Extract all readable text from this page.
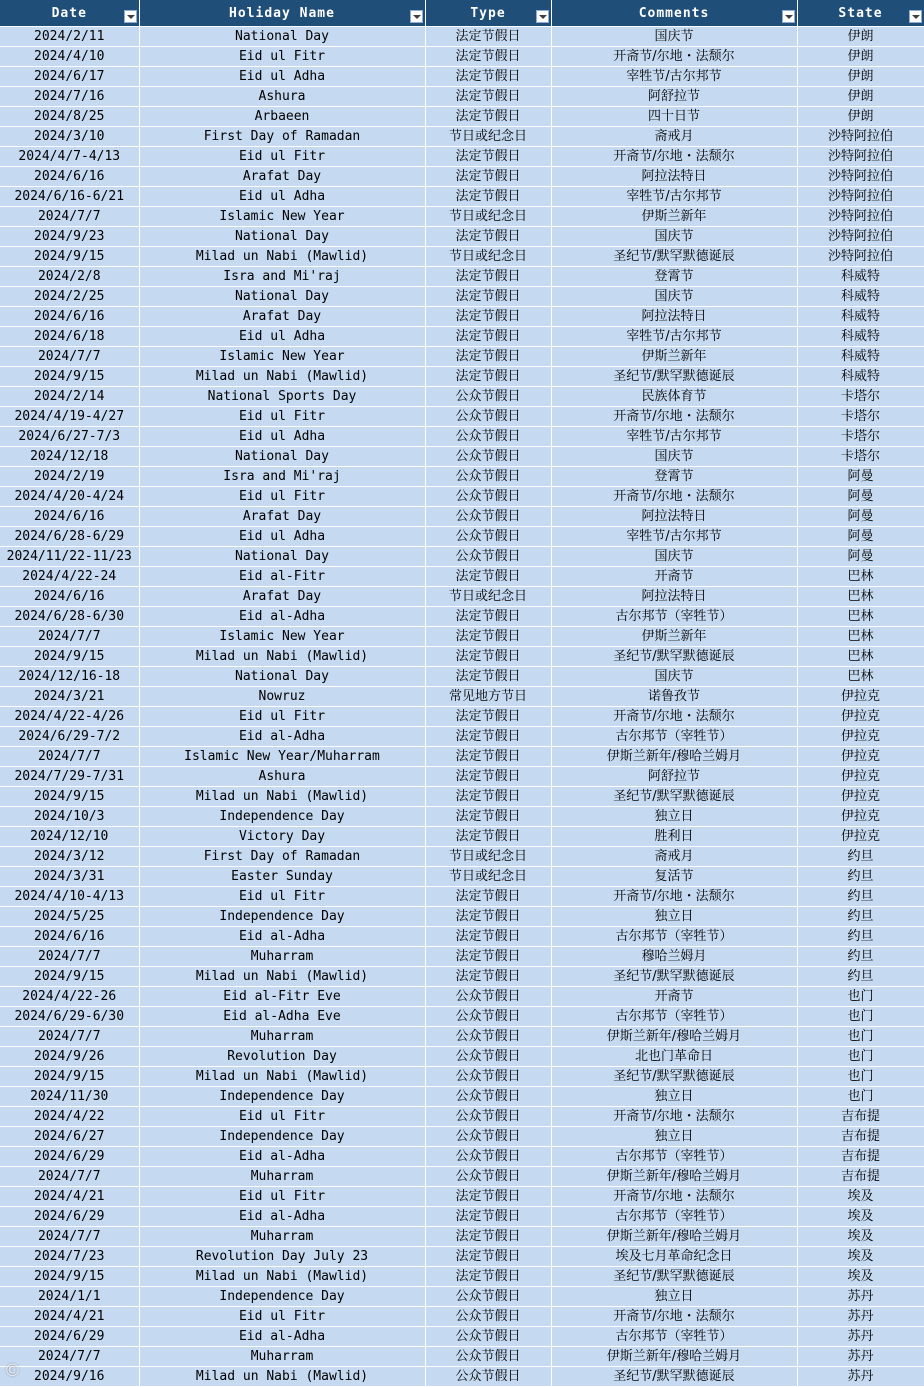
Date	Holiday Name	Type	Comments	State

2024/2/11	National Day	法定节假日	国庆节	伊朗
2024/4/10	Eid ul Fitr	法定节假日	开斋节/尔地・法颓尔	伊朗
2024/6/17	Eid ul Adha	法定节假日	宰牲节/古尔邦节	伊朗
2024/7/16	Ashura	法定节假日	阿舒拉节	伊朗
2024/8/25	Arbaeen	法定节假日	四十日节	伊朗
2024/3/10	First Day of Ramadan	节日或纪念日	斋戒月	沙特阿拉伯
2024/4/7-4/13	Eid ul Fitr	法定节假日	开斋节/尔地・法颓尔	沙特阿拉伯
2024/6/16	Arafat Day	法定节假日	阿拉法特日	沙特阿拉伯
2024/6/16-6/21	Eid ul Adha	法定节假日	宰牲节/古尔邦节	沙特阿拉伯
2024/7/7	Islamic New Year	节日或纪念日	伊斯兰新年	沙特阿拉伯
2024/9/23	National Day	法定节假日	国庆节	沙特阿拉伯
2024/9/15	Milad un Nabi (Mawlid)	节日或纪念日	圣纪节/默罕默德诞辰	沙特阿拉伯
2024/2/8	Isra and Mi'raj	法定节假日	登霄节	科威特
2024/2/25	National Day	法定节假日	国庆节	科威特
2024/6/16	Arafat Day	法定节假日	阿拉法特日	科威特
2024/6/18	Eid ul Adha	法定节假日	宰牲节/古尔邦节	科威特
2024/7/7	Islamic New Year	法定节假日	伊斯兰新年	科威特
2024/9/15	Milad un Nabi (Mawlid)	法定节假日	圣纪节/默罕默德诞辰	科威特
2024/2/14	National Sports Day	公众节假日	民族体育节	卡塔尔
2024/4/19-4/27	Eid ul Fitr	公众节假日	开斋节/尔地・法颓尔	卡塔尔
2024/6/27-7/3	Eid ul Adha	公众节假日	宰牲节/古尔邦节	卡塔尔
2024/12/18	National Day	公众节假日	国庆节	卡塔尔
2024/2/19	Isra and Mi'raj	公众节假日	登霄节	阿曼
2024/4/20-4/24	Eid ul Fitr	公众节假日	开斋节/尔地・法颓尔	阿曼
2024/6/16	Arafat Day	公众节假日	阿拉法特日	阿曼
2024/6/28-6/29	Eid ul Adha	公众节假日	宰牲节/古尔邦节	阿曼
2024/11/22-11/23	National Day	公众节假日	国庆节	阿曼
2024/4/22-24	Eid al-Fitr	法定节假日	开斋节	巴林
2024/6/16	Arafat Day	节日或纪念日	阿拉法特日	巴林
2024/6/28-6/30	Eid al-Adha	法定节假日	古尔邦节（宰牲节）	巴林
2024/7/7	Islamic New Year	法定节假日	伊斯兰新年	巴林
2024/9/15	Milad un Nabi (Mawlid)	法定节假日	圣纪节/默罕默德诞辰	巴林
2024/12/16-18	National Day	法定节假日	国庆节	巴林
2024/3/21	Nowruz	常见地方节日	诺鲁孜节	伊拉克
2024/4/22-4/26	Eid ul Fitr	法定节假日	开斋节/尔地・法颓尔	伊拉克
2024/6/29-7/2	Eid al-Adha	法定节假日	古尔邦节（宰牲节）	伊拉克
2024/7/7	Islamic New Year/Muharram	法定节假日	伊斯兰新年/穆哈兰姆月	伊拉克
2024/7/29-7/31	Ashura	法定节假日	阿舒拉节	伊拉克
2024/9/15	Milad un Nabi (Mawlid)	法定节假日	圣纪节/默罕默德诞辰	伊拉克
2024/10/3	Independence Day	法定节假日	独立日	伊拉克
2024/12/10	Victory Day	法定节假日	胜利日	伊拉克
2024/3/12	First Day of Ramadan	节日或纪念日	斋戒月	约旦
2024/3/31	Easter Sunday	节日或纪念日	复活节	约旦
2024/4/10-4/13	Eid ul Fitr	法定节假日	开斋节/尔地・法颓尔	约旦
2024/5/25	Independence Day	法定节假日	独立日	约旦
2024/6/16	Eid al-Adha	法定节假日	古尔邦节（宰牲节）	约旦
2024/7/7	Muharram	法定节假日	穆哈兰姆月	约旦
2024/9/15	Milad un Nabi (Mawlid)	法定节假日	圣纪节/默罕默德诞辰	约旦
2024/4/22-26	Eid al-Fitr Eve	公众节假日	开斋节	也门
2024/6/29-6/30	Eid al-Adha Eve	公众节假日	古尔邦节（宰牲节）	也门
2024/7/7	Muharram	公众节假日	伊斯兰新年/穆哈兰姆月	也门
2024/9/26	Revolution Day	公众节假日	北也门革命日	也门
2024/9/15	Milad un Nabi (Mawlid)	公众节假日	圣纪节/默罕默德诞辰	也门
2024/11/30	Independence Day	公众节假日	独立日	也门
2024/4/22	Eid ul Fitr	公众节假日	开斋节/尔地・法颓尔	吉布提
2024/6/27	Independence Day	公众节假日	独立日	吉布提
2024/6/29	Eid al-Adha	公众节假日	古尔邦节（宰牲节）	吉布提
2024/7/7	Muharram	公众节假日	伊斯兰新年/穆哈兰姆月	吉布提
2024/4/21	Eid ul Fitr	法定节假日	开斋节/尔地・法颓尔	埃及
2024/6/29	Eid al-Adha	法定节假日	古尔邦节（宰牲节）	埃及
2024/7/7	Muharram	法定节假日	伊斯兰新年/穆哈兰姆月	埃及
2024/7/23	Revolution Day July 23	法定节假日	埃及七月革命纪念日	埃及
2024/9/15	Milad un Nabi (Mawlid)	法定节假日	圣纪节/默罕默德诞辰	埃及
2024/1/1	Independence Day	公众节假日	独立日	苏丹
2024/4/21	Eid ul Fitr	公众节假日	开斋节/尔地・法颓尔	苏丹
2024/6/29	Eid al-Adha	公众节假日	古尔邦节（宰牲节）	苏丹
2024/7/7	Muharram	公众节假日	伊斯兰新年/穆哈兰姆月	苏丹
2024/9/16	Milad un Nabi (Mawlid)	公众节假日	圣纪节/默罕默德诞辰	苏丹
©
